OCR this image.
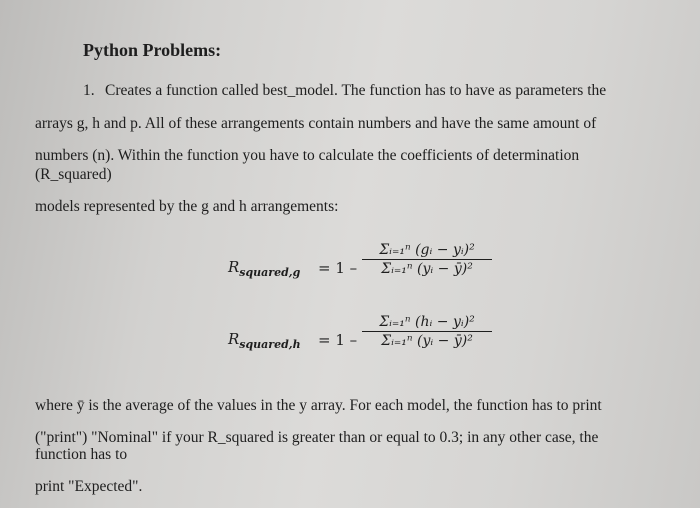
Python Problems:
1. Creates a function called best_model. The function has to have as parameters the
arrays g, h and p. All of these arrangements contain numbers and have the same amount of
numbers (n). Within the function you have to calculate the coefficients of determination
(R_squared)
models represented by the g and h arrangements:
$R_{squared,g} = 1$ –
Σᵢ₌₁ⁿ (gᵢ − yᵢ)²
Σᵢ₌₁ⁿ (yᵢ − ȳ)²
$R_{squared,h} = 1$ –
Σᵢ₌₁ⁿ (hᵢ − yᵢ)²
Σᵢ₌₁ⁿ (yᵢ − ȳ)²
where ȳ is the average of the values in the y array. For each model, the function has to print
("print") "Nominal" if your R_squared is greater than or equal to 0.3; in any other case, the
function has to
print "Expected".
